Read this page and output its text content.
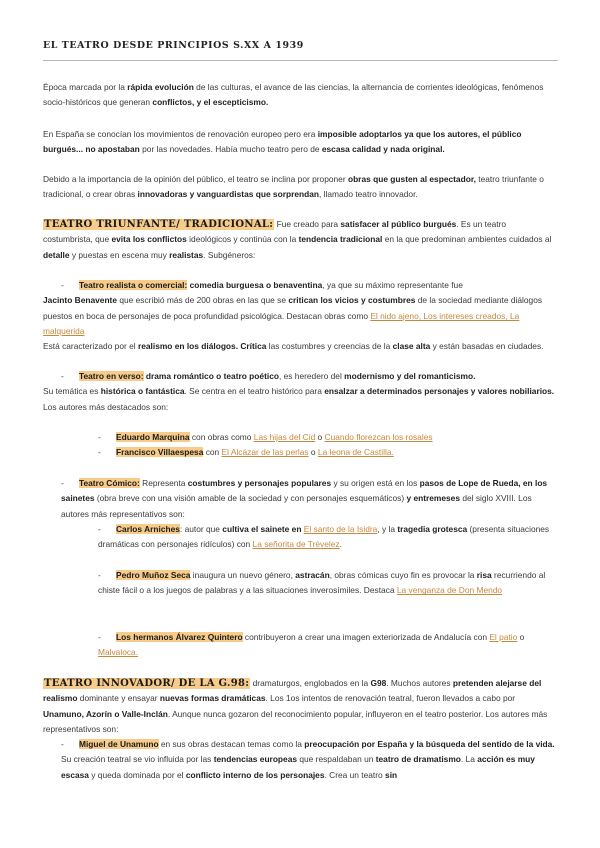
EL TEATRO DESDE PRINCIPIOS S.XX A 1939

Época marcada por la rápida evolución de las culturas, el avance de las ciencias, la alternancia de corrientes ideológicas, fenómenos socio-históricos que generan conflictos, y el escepticismo.

En España se conocían los movimientos de renovación europeo pero era imposible adoptarlos ya que los autores, el público burgués... no apostaban por las novedades. Había mucho teatro pero de escasa calidad y nada original.

Debido a la importancia de la opinión del público, el teatro se inclina por proponer obras que gusten al espectador, teatro triunfante o tradicional, o crear obras innovadoras y vanguardistas que sorprendan, llamado teatro innovador.

TEATRO TRIUNFANTE/ TRADICIONAL: Fue creado para satisfacer al público burgués. Es un teatro costumbrista, que evita los conflictos ideológicos y continúa con la tendencia tradicional en la que predominan ambientes cuidados al detalle y puestas en escena muy realistas. Subgéneros:

- Teatro realista o comercial: comedia burguesa o benaventina, ya que su máximo representante fue

Jacinto Benavente que escribió más de 200 obras en las que se critican los vicios y costumbres de la sociedad mediante diálogos puestos en boca de personajes de poca profundidad psicológica. Destacan obras como El nido ajeno, Los intereses creados, La malquerida

Está caracterizado por el realismo en los diálogos. Crítica las costumbres y creencias de la clase alta y están basadas en ciudades.

- Teatro en verso: drama romántico o teatro poético, es heredero del modernismo y del romanticismo.

Su temática es histórica o fantástica. Se centra en el teatro histórico para ensalzar a determinados personajes y valores nobiliarios. Los autores más destacados son:

- Eduardo Marquina con obras como Las hijas del Cid o Cuando florezcan los rosales

- Francisco Villaespesa con El Alcázar de las perlas o La leona de Castilla.

- Teatro Cómico: Representa costumbres y personajes populares y su origen está en los pasos de Lope de Rueda, en los sainetes (obra breve con una visión amable de la sociedad y con personajes esquemáticos) y entremeses del siglo XVIII. Los autores más representativos son:

- Carlos Arniches: autor que cultiva el sainete en El santo de la Isidra, y la tragedia grotesca (presenta situaciones dramáticas con personajes ridículos) con La señorita de Trévelez.

- Pedro Muñoz Seca inaugura un nuevo género, astracán, obras cómicas cuyo fin es provocar la risa recurriendo al chiste fácil o a los juegos de palabras y a las situaciones inverosímiles. Destaca La venganza de Don Mendo

- Los hermanos Álvarez Quintero contribuyeron a crear una imagen exteriorizada de Andalucía con El patio o Malvaloca.

TEATRO INNOVADOR/ DE LA G.98: dramaturgos, englobados en la G98. Muchos autores pretenden alejarse del realismo dominante y ensayar nuevas formas dramáticas. Los 1os intentos de renovación teatral, fueron llevados a cabo por Unamuno, Azorín o Valle-Inclán. Aunque nunca gozaron del reconocimiento popular, influyeron en el teatro posterior. Los autores más representativos son:

- Miguel de Unamuno en sus obras destacan temas como la preocupación por España y la búsqueda del sentido de la vida. Su creación teatral se vio influida por las tendencias europeas que respaldaban un teatro de dramatismo. La acción es muy escasa y queda dominada por el conflicto interno de los personajes. Crea un teatro sin
